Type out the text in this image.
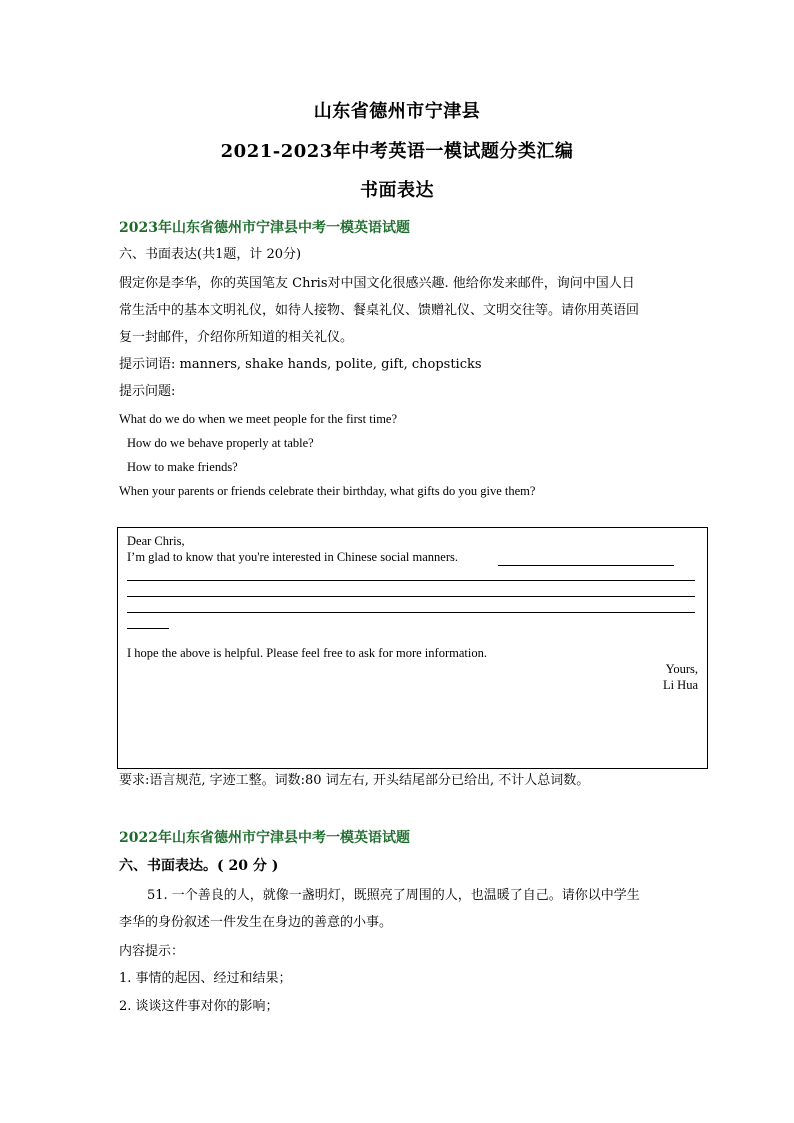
山东省德州市宁津县
2021-2023年中考英语一模试题分类汇编
书面表达
2023年山东省德州市宁津县中考一模英语试题
六、书面表达(共1题，计 20分)
假定你是李华，你的英国笔友 Chris对中国文化很感兴趣. 他给你发来邮件，询问中国人日
常生活中的基本文明礼仪，如待人接物、餐桌礼仪、馈赠礼仪、文明交往等。请你用英语回
复一封邮件，介绍你所知道的相关礼仪。
提示词语: manners, shake hands, polite, gift, chopsticks
提示问题:
What do we do when we meet people for the first time?
How do we behave properly at table?
How to make friends?
When your parents or friends celebrate their birthday, what gifts do you give them?
Dear Chris,
I’m glad to know that you're interested in Chinese social manners.
I hope the above is helpful. Please feel free to ask for more information.
Yours,
Li Hua
要求:语言规范, 字迹工整。词数:80 词左右, 开头结尾部分已给出, 不计人总词数。
2022年山东省德州市宁津县中考一模英语试题
六、书面表达。( 20 分 )
51. 一个善良的人，就像一盏明灯，既照亮了周围的人，也温暖了自己。请你以中学生
李华的身份叙述一件发生在身边的善意的小事。
内容提示：
1. 事情的起因、经过和结果；
2. 谈谈这件事对你的影响；
